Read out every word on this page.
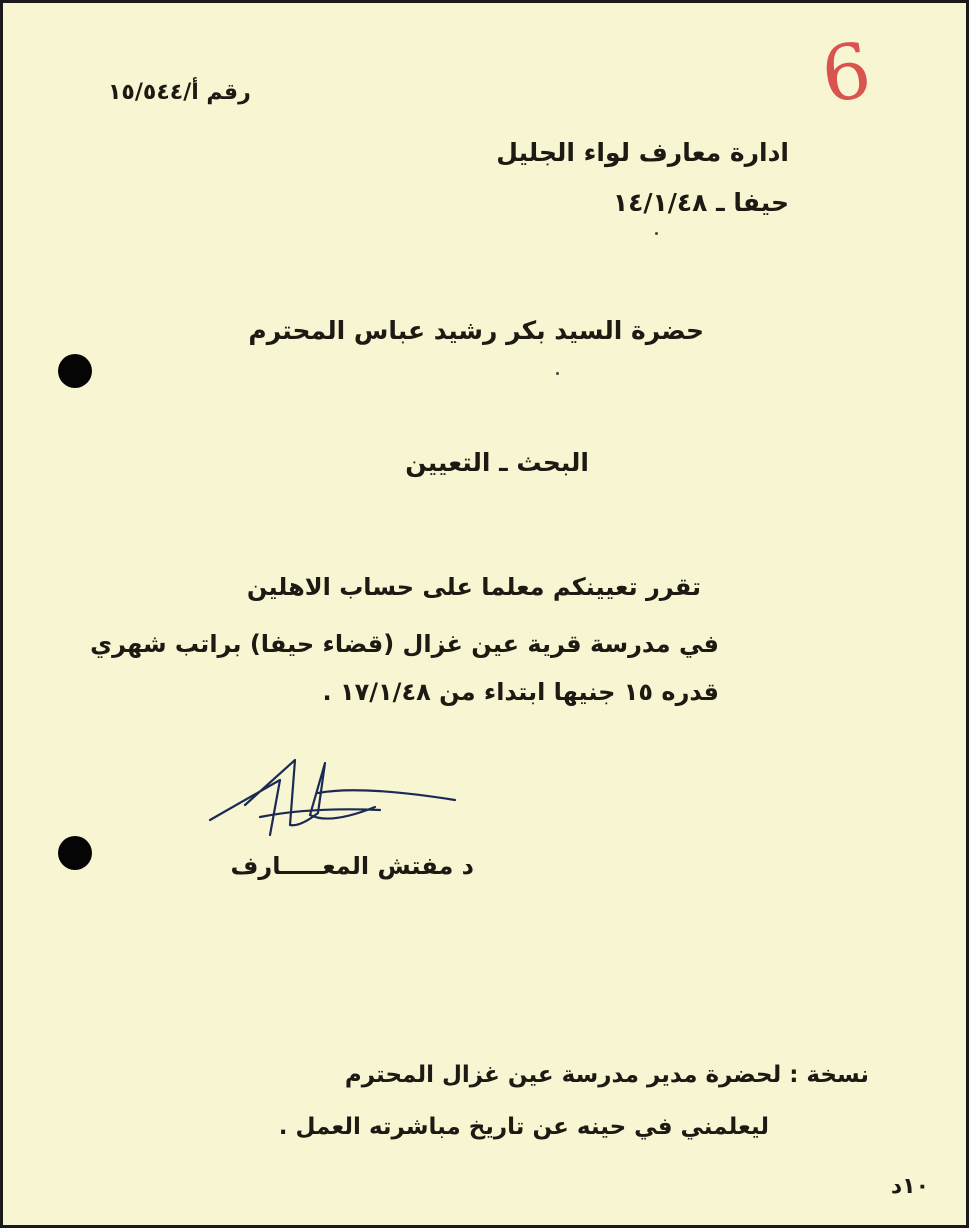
6
رقم أ/١٥/٥٤٤
ادارة معارف لواء الجليل
حيفا ـ ١٤/١/٤٨
حضرة السيد بكر رشيد عباس المحترم
البحث ـ التعيين
تقرر تعيينكم معلما على حساب الاهلين
في مدرسة قرية عين غزال (قضاء حيفا) براتب شهري
قدره ١٥ جنيها ابتداء من ١٧/١/٤٨ .
د مفتش المعـــــارف
نسخة : لحضرة مدير مدرسة عين غزال المحترم
ليعلمني في حينه عن تاريخ مباشرته العمل .
١٠د
